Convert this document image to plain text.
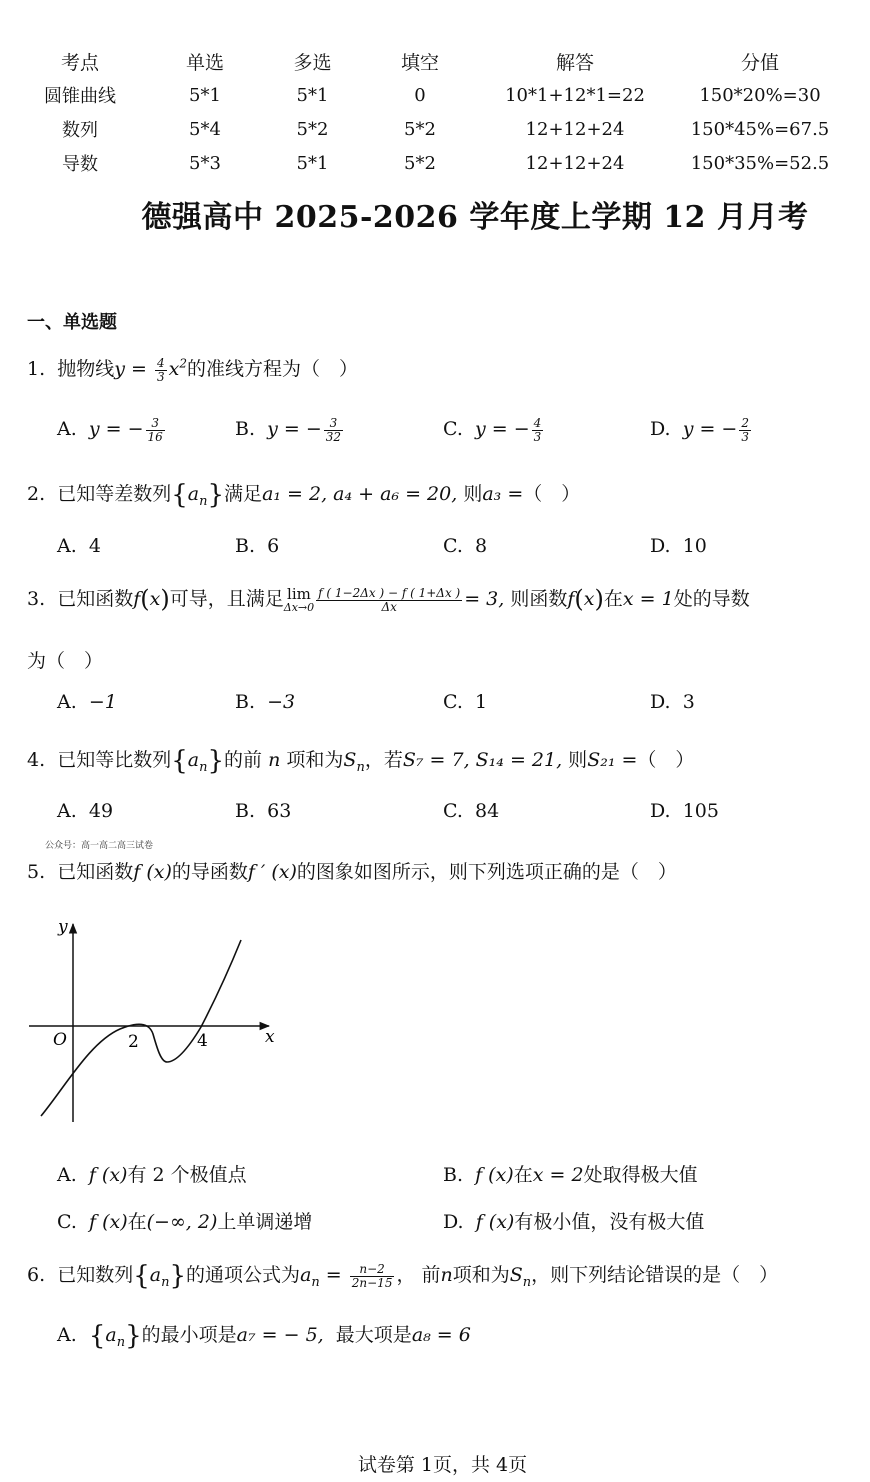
考点	单选	多选	填空	解答	分值
圆锥曲线	5*1	5*1	0	10*1+12*1=22	150*20%=30
数列	5*4	5*2	5*2	12+12+24	150*45%=67.5
导数	5*3	5*1	5*2	12+12+24	150*35%=52.5
德强高中 2025-2026 学年度上学期 12 月月考
一、单选题
1. 抛物线$y = \frac{4}{3} x^2$的准线方程为（　）
A. y = − $\frac{3}{16}$	B. y = − $\frac{3}{32}$	C. y = − $\frac{4}{3}$	D. y = − $\frac{2}{3}$
2. 已知等差数列$\{a_n\}$满足a₁ = 2, a₄ + a₆ = 20, 则a₃ =（　）
A. 4	B. 6	C. 8	D. 10
3. 已知函数f(x)可导，且满足 lim
$\Delta x\to 0 \frac{f ( 1-2\Delta x ) - f ( 1+\Delta x )}{\Delta x} = 3$, 则函数f(x)在x = 1处的导数
为（　）
A. −1	B. −3	C. 1	D. 3
4. 已知等比数列$\{a_n\}$的前 n 项和为$S_n$，若S₇ = 7, S₁₄ = 21, 则S₂₁ =（　）
A. 49	B. 63	C. 84	D. 105
公众号：高一高二高三试卷
5. 已知函数f (x)的导函数f ′ (x)的图象如图所示，则下列选项正确的是（　）
y
x
O	2	4
A. f (x)有 2 个极值点	B. f (x)在x = 2处取得极大值
C. f (x)在(−∞, 2)上单调递增	D. f (x)有极小值，没有极大值
6. 已知数列$\{a_n\}$的通项公式为$a_n = \frac{n-2}{2n-15}$ ， 前n项和为$S_n$，则下列结论错误的是（　）
A. $\{a_n\}$的最小项是a₇ = − 5, 最大项是a₈ = 6
试卷第 1页，共 4页
